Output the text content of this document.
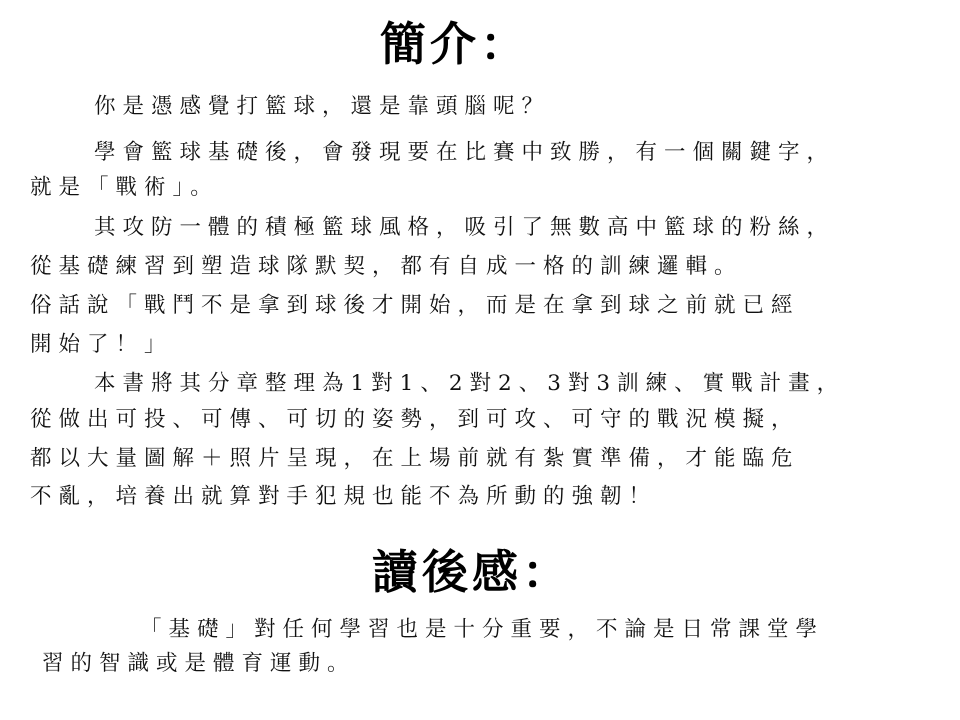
簡介：

你是憑感覺打籃球，還是靠頭腦呢？

學會籃球基礎後，會發現要在比賽中致勝，有一個關鍵字，

就是「戰術」。

其攻防一體的積極籃球風格，吸引了無數高中籃球的粉絲，

從基礎練習到塑造球隊默契，都有自成一格的訓練邏輯。

俗話說「戰鬥不是拿到球後才開始，而是在拿到球之前就已經

開始了！」

本書將其分章整理為1對1、2對2、3對3訓練、實戰計畫，

從做出可投、可傳、可切的姿勢，到可攻、可守的戰況模擬，

都以大量圖解＋照片呈現，在上場前就有紮實準備，才能臨危

不亂，培養出就算對手犯規也能不為所動的強韌！

讀後感：

「基礎」對任何學習也是十分重要，不論是日常課堂學

習的智識或是體育運動。
